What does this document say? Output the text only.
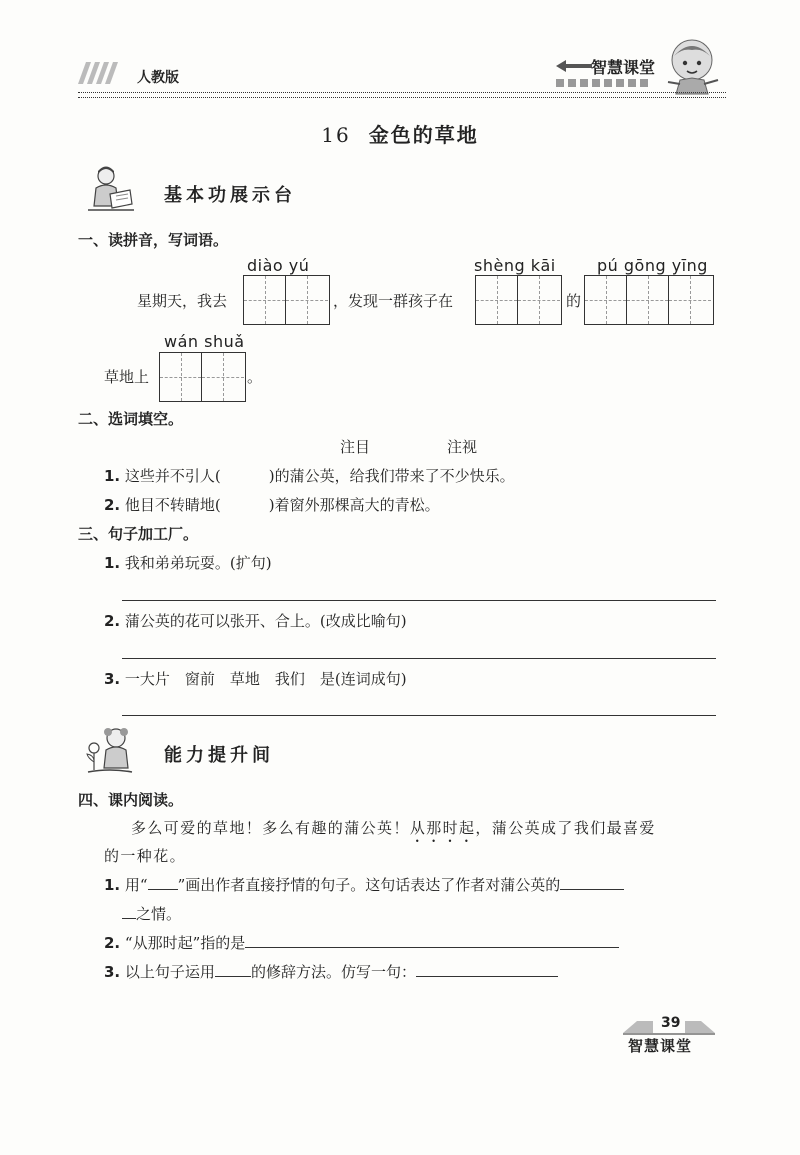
人教版
智慧课堂
16 金色的草地
基本功展示台
一、读拼音，写词语。
diào yú	shèng kāi	pú gōng yīng
星期天，我去	，发现一群孩子在	的
wán shuǎ
草地上	。
二、选词填空。
注目	注视
1. 这些并不引人(	)的蒲公英，给我们带来了不少快乐。
2. 他目不转睛地(	)着窗外那棵高大的青松。
三、句子加工厂。
1. 我和弟弟玩耍。(扩句)
2. 蒲公英的花可以张开、合上。(改成比喻句)
3. 一大片　窗前　草地　我们　是(连词成句)
能力提升间
四、课内阅读。
多么可爱的草地！多么有趣的蒲公英！从那时起，蒲公英成了我们最喜爱
的一种花。
1. 用“ ”画出作者直接抒情的句子。这句话表达了作者对蒲公英的
之情。
2. “从那时起”指的是
3. 以上句子运用 的修辞方法。仿写一句：
39
智慧课堂
